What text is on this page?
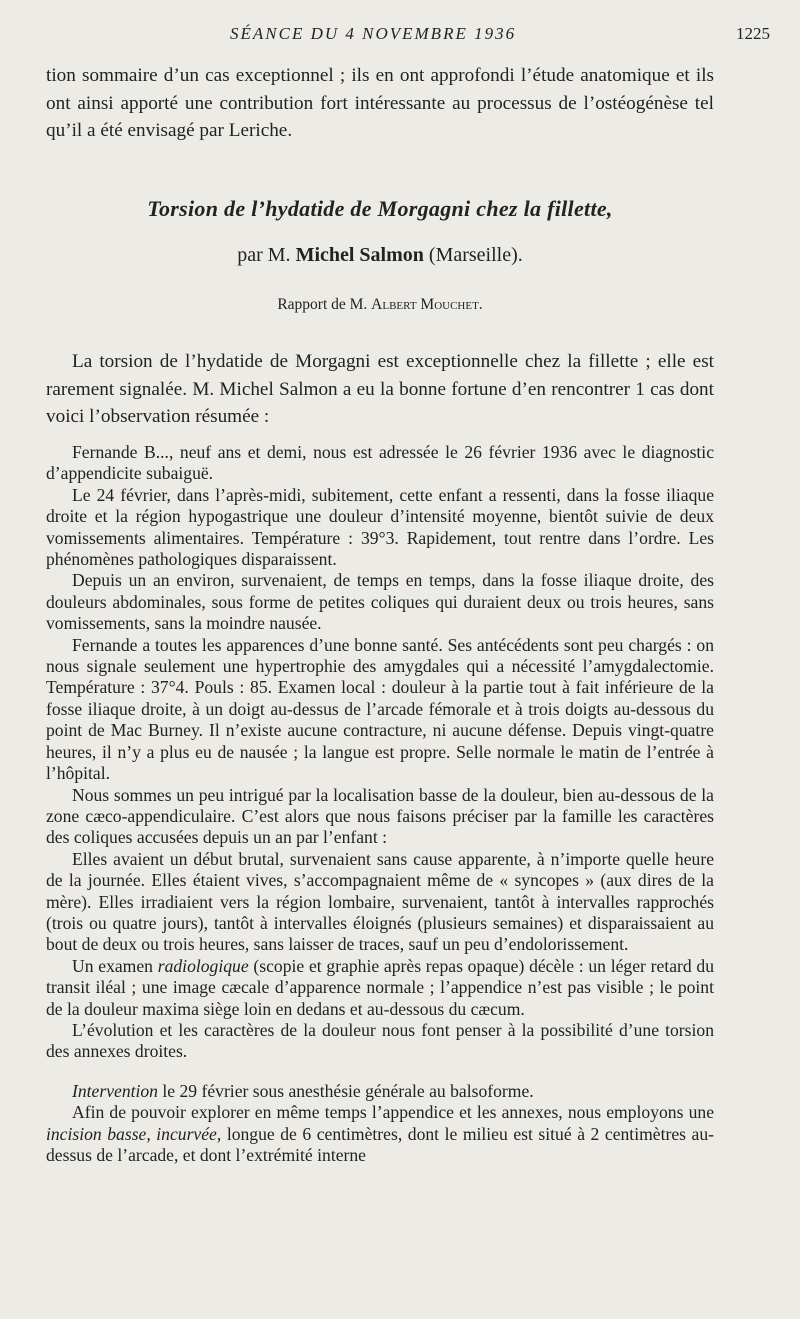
SÉANCE DU 4 NOVEMBRE 1936	1225

tion sommaire d’un cas exceptionnel ; ils en ont approfondi l’étude anatomique et ils ont ainsi apporté une contribution fort intéressante au processus de l’ostéogénèse tel qu’il a été envisagé par Leriche.

Torsion de l’hydatide de Morgagni chez la fillette,
par M. Michel Salmon (Marseille).
Rapport de M. Albert Mouchet.

La torsion de l’hydatide de Morgagni est exceptionnelle chez la fillette ; elle est rarement signalée. M. Michel Salmon a eu la bonne fortune d’en rencontrer 1 cas dont voici l’observation résumée :

Fernande B..., neuf ans et demi, nous est adressée le 26 février 1936 avec le diagnostic d’appendicite subaiguë.

Le 24 février, dans l’après-midi, subitement, cette enfant a ressenti, dans la fosse iliaque droite et la région hypogastrique une douleur d’intensité moyenne, bientôt suivie de deux vomissements alimentaires. Température : 39°3. Rapidement, tout rentre dans l’ordre. Les phénomènes pathologiques disparaissent.

Depuis un an environ, survenaient, de temps en temps, dans la fosse iliaque droite, des douleurs abdominales, sous forme de petites coliques qui duraient deux ou trois heures, sans vomissements, sans la moindre nausée.

Fernande a toutes les apparences d’une bonne santé. Ses antécédents sont peu chargés : on nous signale seulement une hypertrophie des amygdales qui a nécessité l’amygdalectomie. Température : 37°4. Pouls : 85. Examen local : douleur à la partie tout à fait inférieure de la fosse iliaque droite, à un doigt au-dessus de l’arcade fémorale et à trois doigts au-dessous du point de Mac Burney. Il n’existe aucune contracture, ni aucune défense. Depuis vingt-quatre heures, il n’y a plus eu de nausée ; la langue est propre. Selle normale le matin de l’entrée à l’hôpital.

Nous sommes un peu intrigué par la localisation basse de la douleur, bien au-dessous de la zone cæco-appendiculaire. C’est alors que nous faisons préciser par la famille les caractères des coliques accusées depuis un an par l’enfant :

Elles avaient un début brutal, survenaient sans cause apparente, à n’importe quelle heure de la journée. Elles étaient vives, s’accompagnaient même de « syncopes » (aux dires de la mère). Elles irradiaient vers la région lombaire, survenaient, tantôt à intervalles rapprochés (trois ou quatre jours), tantôt à intervalles éloignés (plusieurs semaines) et disparaissaient au bout de deux ou trois heures, sans laisser de traces, sauf un peu d’endolorissement.

Un examen radiologique (scopie et graphie après repas opaque) décèle : un léger retard du transit iléal ; une image cæcale d’apparence normale ; l’appendice n’est pas visible ; le point de la douleur maxima siège loin en dedans et au-dessous du cæcum.

L’évolution et les caractères de la douleur nous font penser à la possibilité d’une torsion des annexes droites.

Intervention le 29 février sous anesthésie générale au balsoforme.

Afin de pouvoir explorer en même temps l’appendice et les annexes, nous employons une incision basse, incurvée, longue de 6 centimètres, dont le milieu est situé à 2 centimètres au-dessus de l’arcade, et dont l’extrémité interne
